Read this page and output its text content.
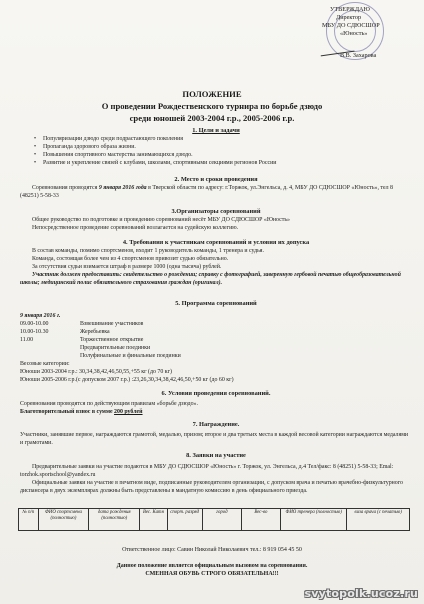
УТВЕРЖДАЮ
Директор
МБУ ДО СДЮСШОР
«Юность»
В.В. Захарова
ПОЛОЖЕНИЕ
О проведении Рождественского турнира по борьбе дзюдо
среди юношей 2003-2004 г.р., 2005-2006 г.р.
1. Цели и задачи
• Популяризации дзюдо среди подрастающего поколения
• Пропаганда здорового образа жизни.
• Повышения спортивного мастерства занимающихся дзюдо.
• Развитие и укрепление связей с клубами, школами, спортивными секциями регионов России
2. Место и сроки проведения
Соревнования проводятся 9 января 2016 года в Тверской области по адресу: г.Торжок, ул.Энгельса, д. 4, МБУ ДО СДЮСШОР «Юность», тел 8 (48251) 5-58-33
3.Организаторы соревнований
Общее руководство по подготовке и проведению соревнований несёт МБУ ДО СДЮСШОР «Юность»
Непосредственное проведение соревнований возлагается на судейскую коллегию.
4. Требования к участникам соревнований и условия их допуска
В состав команды, помимо спортсменов, входит 1 руководитель команды, 1 тренера и судья.
Команда, состоящая более чем из 4 спортсменов привозит судью обязательно.
За отсутствия судьи взимается штраф в размере 1000 (одна тысяча) рублей.
Участник должен предоставить: свидетельство о рождении; справку с фотографией, заверенную гербовой печатью общеобразовательной школы; медицинский полис обязательного страхования граждан (оригинал).
5. Программа соревнований
9 января 2016 г.
09.00-10.00	Взвешивание участников
10.00-10.30	Жеребьевка
11.00	Торжественное открытие
Предварительные поединки
Полуфинальные и финальные поединки
Весовые категории:
Юноши 2003-2004 г.р.: 30,34,38,42,46,50,55,+55 кг (до 70 кг)
Юноши 2005-2006 г.р.(с допуском 2007 г.р.) :23,26,30,34,38,42,46,50,+50 кг (до 60 кг)
6. Условия проведения соревнований.
Соревнования проводятся по действующим правилам «борьбе дзюдо».
Благотворительный взнос в сумме 200 рублей
7. Награждение.
Участники, занявшие первое, награждаются грамотой, медалью, призом; второе и два третьих места в каждой весовой категории награждаются медалями и грамотами.
8. Заявки на участие
Предварительные заявки на участие подаются в МБУ ДО СДЮСШОР «Юность» г. Торжок, ул. Энгельса, д.4 Тел/факс: 8 (48251) 5-58-33; Emal: torzhok.sportschool@yandex.ru
Официальные заявки на участие в печатном виде, подписанные руководителем организации, с допуском врача и печатью врачебно-физкультурного диспансера в двух экземплярах должны быть представлены в мандатную комиссию в день официального приезда.
№ п/п	ФИО спортсмена (полностью)	дата рождения (полностью)	Вес. Катя	спорт. разряд	город	Вес-во	ФИО тренера (полностью)	виза врача (с печатью)
Ответственное лицо: Савин Николай Николаевич тел.: 8 919 054 45 50
Данное положение является официальным вызовом на соревнования.
СМЕННАЯ ОБУВЬ СТРОГО ОБЯЗАТЕЛЬНА!!!
svytopolk.ucoz.ru
